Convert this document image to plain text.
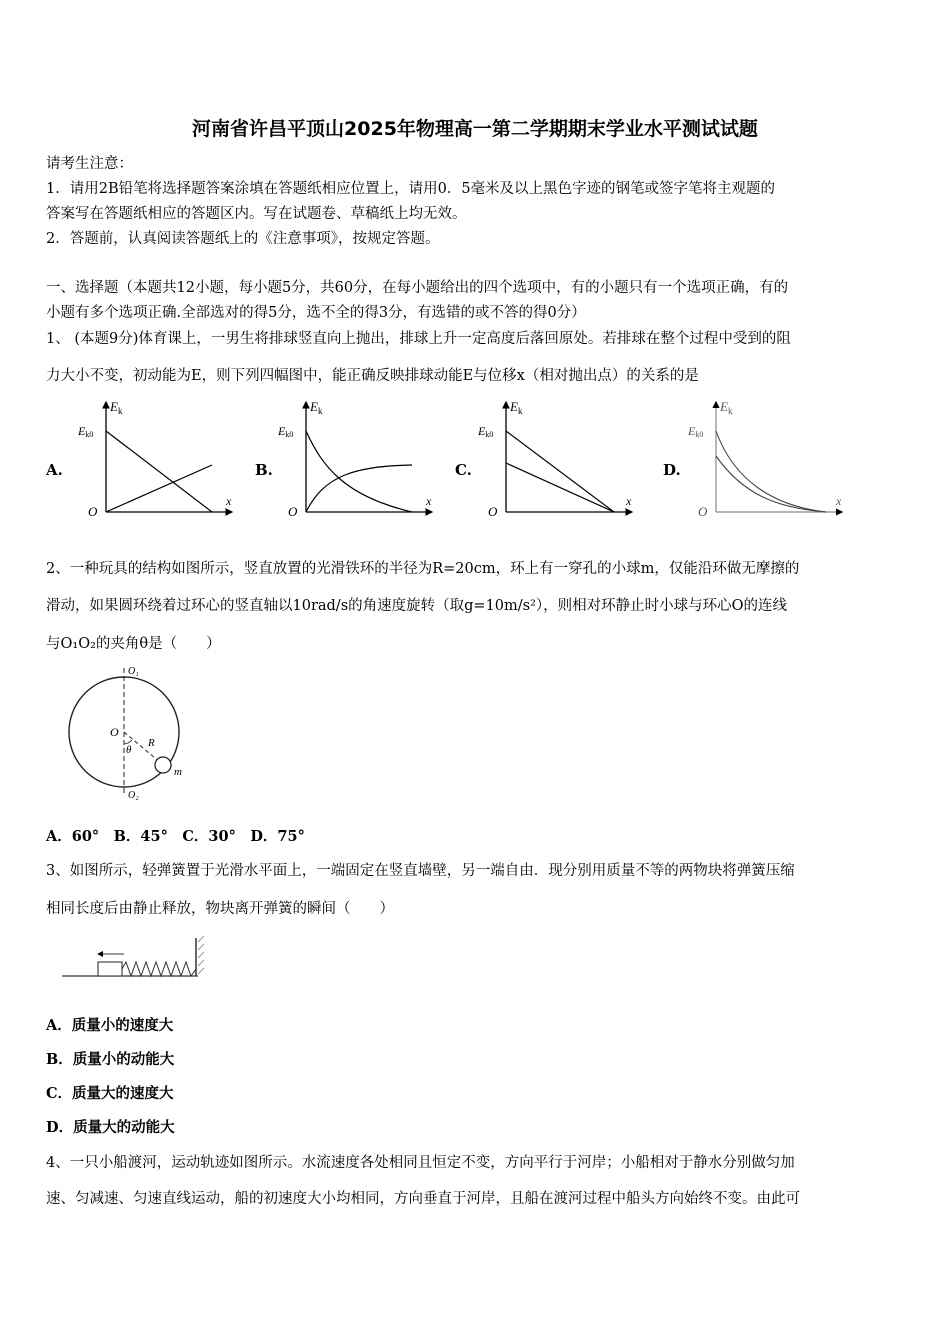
河南省许昌平顶山2025年物理高一第二学期期末学业水平测试试题
请考生注意：
1．请用2B铅笔将选择题答案涂填在答题纸相应位置上，请用0．5毫米及以上黑色字迹的钢笔或签字笔将主观题的
答案写在答题纸相应的答题区内。写在试题卷、草稿纸上均无效。
2．答题前，认真阅读答题纸上的《注意事项》，按规定答题。
一、选择题（本题共12小题，每小题5分，共60分，在每小题给出的四个选项中，有的小题只有一个选项正确，有的
小题有多个选项正确.全部选对的得5分，选不全的得3分，有选错的或不答的得0分）
1、 (本题9分)体育课上，一男生将排球竖直向上抛出，排球上升一定高度后落回原处。若排球在整个过程中受到的阻
力大小不变，初动能为E，则下列四幅图中，能正确反映排球动能E与位移x（相对抛出点）的关系的是
A.	B.	C.	D.
$E_k$
Ek0
O
x
$E_k$
Ek0
O
x
$E_k$
Ek0
O
x
$E_k$
Ek0
O
x
2、一种玩具的结构如图所示，竖直放置的光滑铁环的半径为R=20cm，环上有一穿孔的小球m，仅能沿环做无摩擦的
滑动，如果圆环绕着过环心的竖直轴以10rad/s的角速度旋转（取g=10m/s²），则相对环静止时小球与环心O的连线
与O₁O₂的夹角θ是（　　）
O₁
O
R
θ
m
O₂
A．60°　B．45°　C．30°　D．75°
3、如图所示，轻弹簧置于光滑水平面上，一端固定在竖直墙壁，另一端自由．现分别用质量不等的两物块将弹簧压缩
相同长度后由静止释放，物块离开弹簧的瞬间（　　）
A．质量小的速度大
B．质量小的动能大
C．质量大的速度大
D．质量大的动能大
4、一只小船渡河，运动轨迹如图所示。水流速度各处相同且恒定不变，方向平行于河岸；小船相对于静水分别做匀加
速、匀减速、匀速直线运动，船的初速度大小均相同，方向垂直于河岸，且船在渡河过程中船头方向始终不变。由此可
